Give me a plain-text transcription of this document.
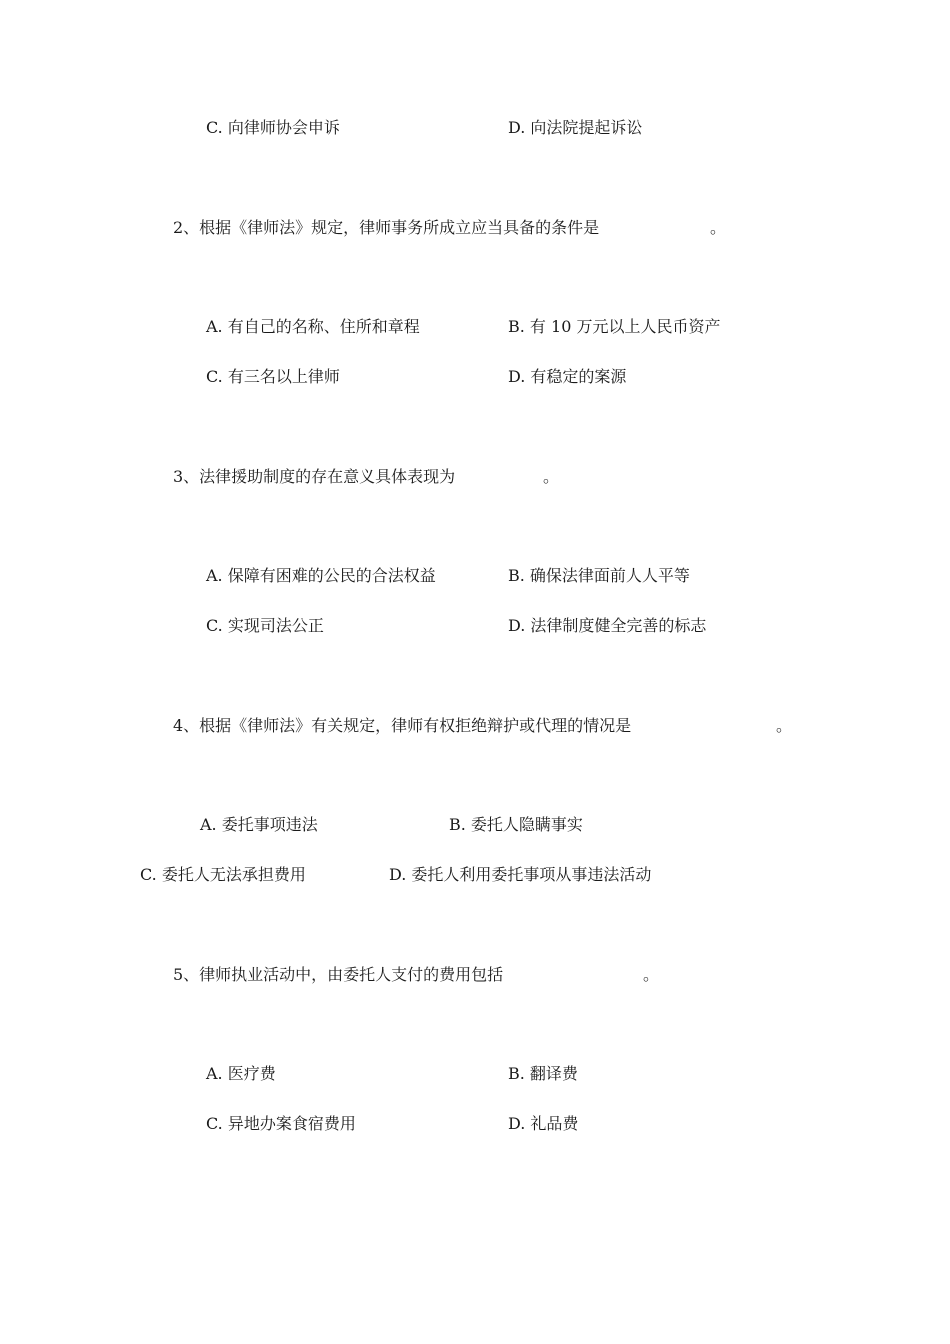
C. 向律师协会申诉	D. 向法院提起诉讼
2、根据《律师法》规定，律师事务所成立应当具备的条件是	。
A. 有自己的名称、住所和章程	B. 有 10 万元以上人民币资产
C. 有三名以上律师	D. 有稳定的案源
3、法律援助制度的存在意义具体表现为	。
A. 保障有困难的公民的合法权益	B. 确保法律面前人人平等
C. 实现司法公正	D. 法律制度健全完善的标志
4、根据《律师法》有关规定，律师有权拒绝辩护或代理的情况是	。
A. 委托事项违法	B. 委托人隐瞒事实
C. 委托人无法承担费用	D. 委托人利用委托事项从事违法活动
5、律师执业活动中，由委托人支付的费用包括	。
A. 医疗费	B. 翻译费
C. 异地办案食宿费用	D. 礼品费
